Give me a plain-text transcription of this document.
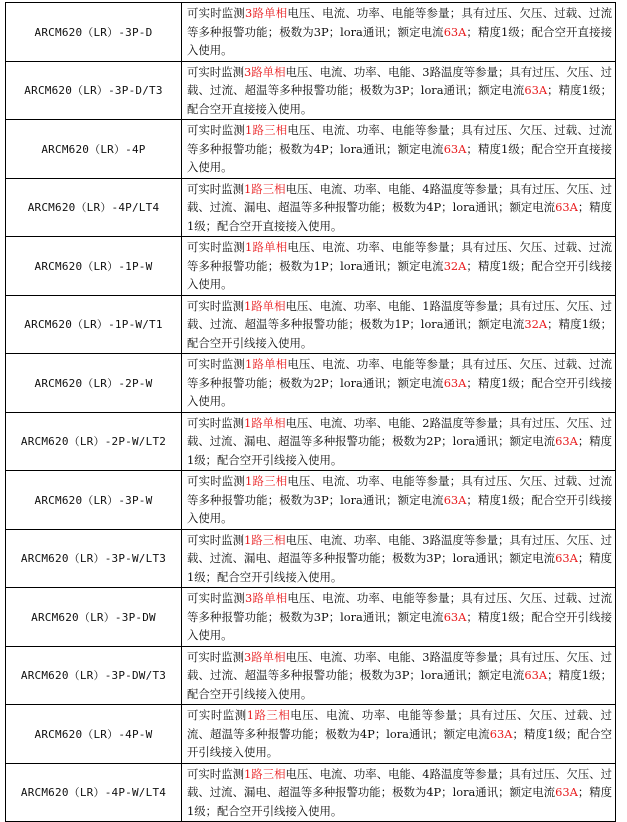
ARCM620（LR）-3P-D	可实时监测3路单相电压、电流、功率、电能等参量；具有过压、欠压、过载、过流等多种报警功能；极数为3P；lora通讯；额定电流63A；精度1级；配合空开直接接入使用。
ARCM620（LR）-3P-D/T3	可实时监测3路单相电压、电流、功率、电能、3路温度等参量；具有过压、欠压、过载、过流、超温等多种报警功能；极数为3P；lora通讯；额定电流63A；精度1级；配合空开直接接入使用。
ARCM620（LR）-4P	可实时监测1路三相电压、电流、功率、电能等参量；具有过压、欠压、过载、过流等多种报警功能；极数为4P；lora通讯；额定电流63A；精度1级；配合空开直接接入使用。
ARCM620（LR）-4P/LT4	可实时监测1路三相电压、电流、功率、电能、4路温度等参量；具有过压、欠压、过载、过流、漏电、超温等多种报警功能；极数为4P；lora通讯；额定电流63A；精度1级；配合空开直接接入使用。
ARCM620（LR）-1P-W	可实时监测1路单相电压、电流、功率、电能等参量；具有过压、欠压、过载、过流等多种报警功能；极数为1P；lora通讯；额定电流32A；精度1级；配合空开引线接入使用。
ARCM620（LR）-1P-W/T1	可实时监测1路单相电压、电流、功率、电能、1路温度等参量；具有过压、欠压、过载、过流、超温等多种报警功能；极数为1P；lora通讯；额定电流32A；精度1级；配合空开引线接入使用。
ARCM620（LR）-2P-W	可实时监测1路单相电压、电流、功率、电能等参量；具有过压、欠压、过载、过流等多种报警功能；极数为2P；lora通讯；额定电流63A；精度1级；配合空开引线接入使用。
ARCM620（LR）-2P-W/LT2	可实时监测1路单相电压、电流、功率、电能、2路温度等参量；具有过压、欠压、过载、过流、漏电、超温等多种报警功能；极数为2P；lora通讯；额定电流63A；精度1级；配合空开引线接入使用。
ARCM620（LR）-3P-W	可实时监测1路三相电压、电流、功率、电能等参量；具有过压、欠压、过载、过流等多种报警功能；极数为3P；lora通讯；额定电流63A；精度1级；配合空开引线接入使用。
ARCM620（LR）-3P-W/LT3	可实时监测1路三相电压、电流、功率、电能、3路温度等参量；具有过压、欠压、过载、过流、漏电、超温等多种报警功能；极数为3P；lora通讯；额定电流63A；精度1级；配合空开引线接入使用。
ARCM620（LR）-3P-DW	可实时监测3路单相电压、电流、功率、电能等参量；具有过压、欠压、过载、过流等多种报警功能；极数为3P；lora通讯；额定电流63A；精度1级；配合空开引线接入使用。
ARCM620（LR）-3P-DW/T3	可实时监测3路单相电压、电流、功率、电能、3路温度等参量；具有过压、欠压、过载、过流、超温等多种报警功能；极数为3P；lora通讯；额定电流63A；精度1级；配合空开引线接入使用。
ARCM620（LR）-4P-W	可实时监测1路三相电压、电流、功率、电能等参量；具有过压、欠压、过载、过流、超温等多种报警功能；极数为4P；lora通讯；额定电流63A；精度1级；配合空开引线接入使用。
ARCM620（LR）-4P-W/LT4	可实时监测1路三相电压、电流、功率、电能、4路温度等参量；具有过压、欠压、过载、过流、漏电、超温等多种报警功能；极数为4P；lora通讯；额定电流63A；精度1级；配合空开引线接入使用。
